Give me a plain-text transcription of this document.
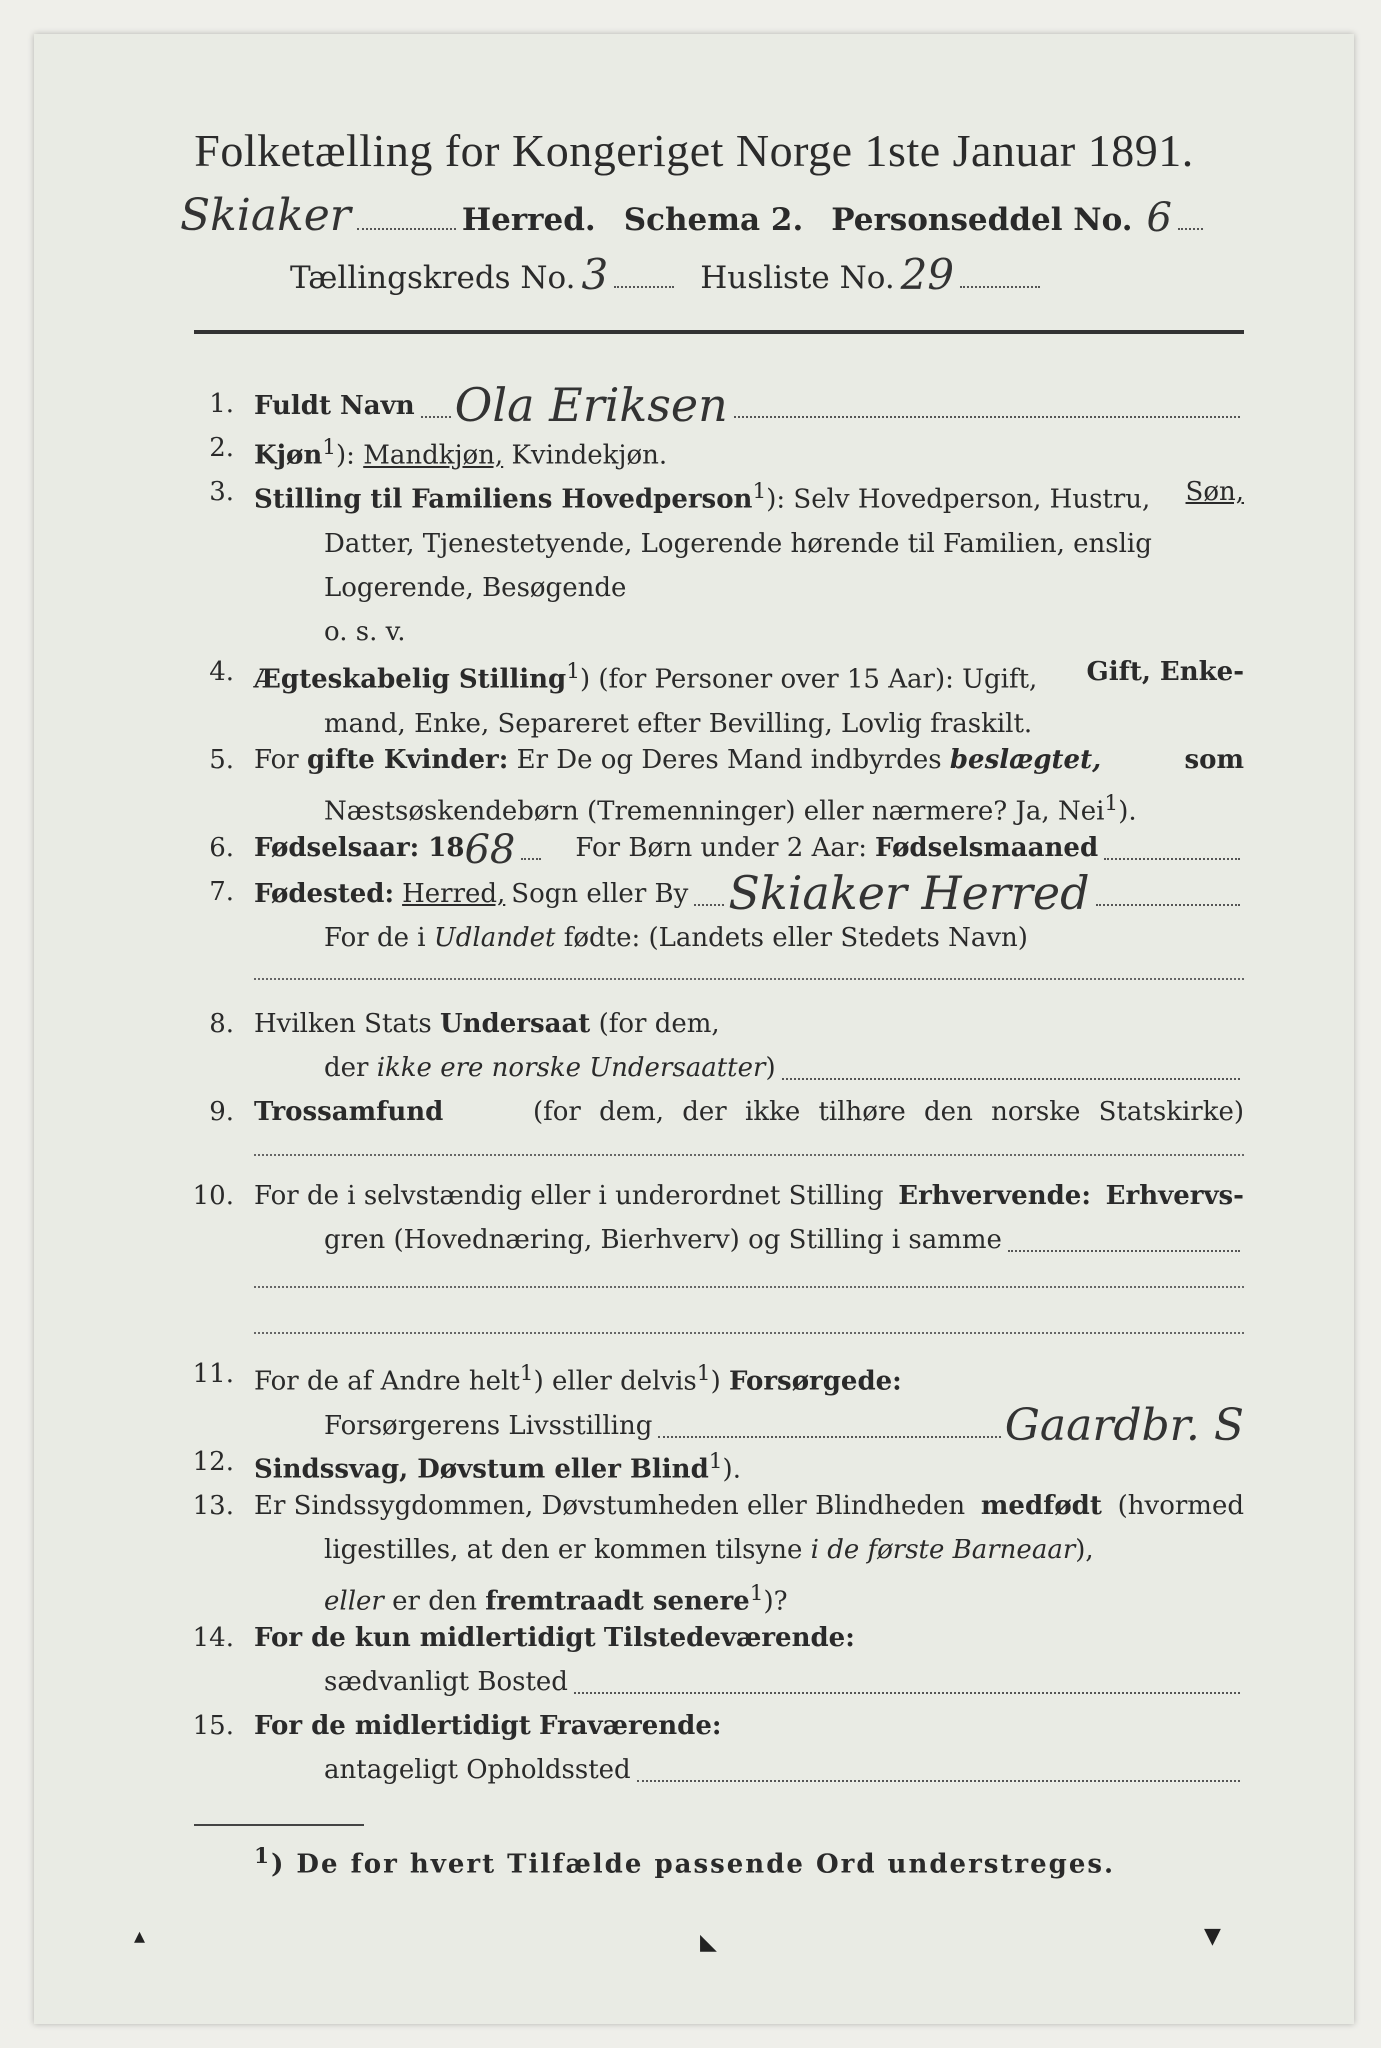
Folketælling for Kongeriget Norge 1ste Januar 1891.
Skiaker	Herred. Schema 2. Personseddel No. 6
Tællingskreds No. 3	Husliste No. 29
1. Fuldt Navn Ola Eriksen
2. Kjøn$^1$): Mandkjøn, Kvindekjøn.
3. Stilling til Familiens Hovedperson$^1$): Selv Hovedperson, Hustru, Søn,
Datter, Tjenestetyende, Logerende hørende til Familien, enslig
Logerende, Besøgende
o. s. v.
4. Ægteskabelig Stilling$^1$) (for Personer over 15 Aar): Ugift, Gift, Enke-
mand, Enke, Separeret efter Bevilling, Lovlig fraskilt.
5. For gifte Kvinder: Er De og Deres Mand indbyrdes beslægtet,	som
Næstsøskendebørn (Tremenninger) eller nærmere? Ja, Nei$^1$).
6. Fødselsaar: 18 68 For Børn under 2 Aar: Fødselsmaaned
7. Fødested: Herred, Sogn eller By Skiaker Herred
For de i Udlandet fødte: (Landets eller Stedets Navn)
8. Hvilken Stats Undersaat (for dem,
der
ikke ere norske Undersaatter )
9. Trossamfund	(for dem, der ikke tilhøre den norske Statskirke)
10. For de i selvstændig eller i underordnet Stilling Erhvervende: Erhvervs-
gren (Hovednæring, Bierhverv) og Stilling i samme
11. For de af Andre helt$^1$) eller delvis$^1$) Forsørgede:
Forsørgerens Livsstilling	Gaardbr. S
12. Sindssvag, Døvstum eller Blind$^1$).
13. Er Sindssygdommen, Døvstumheden eller Blindheden medfødt (hvormed
ligestilles, at den er kommen tilsyne i de første Barneaar),
eller er den fremtraadt senere$^1$)?
14. For de kun midlertidigt Tilstedeværende:
sædvanligt Bosted
15. For de midlertidigt Fraværende:
antageligt Opholdssted
$^1$) De for hvert Tilfælde passende Ord understreges.
▴	◣	▼
